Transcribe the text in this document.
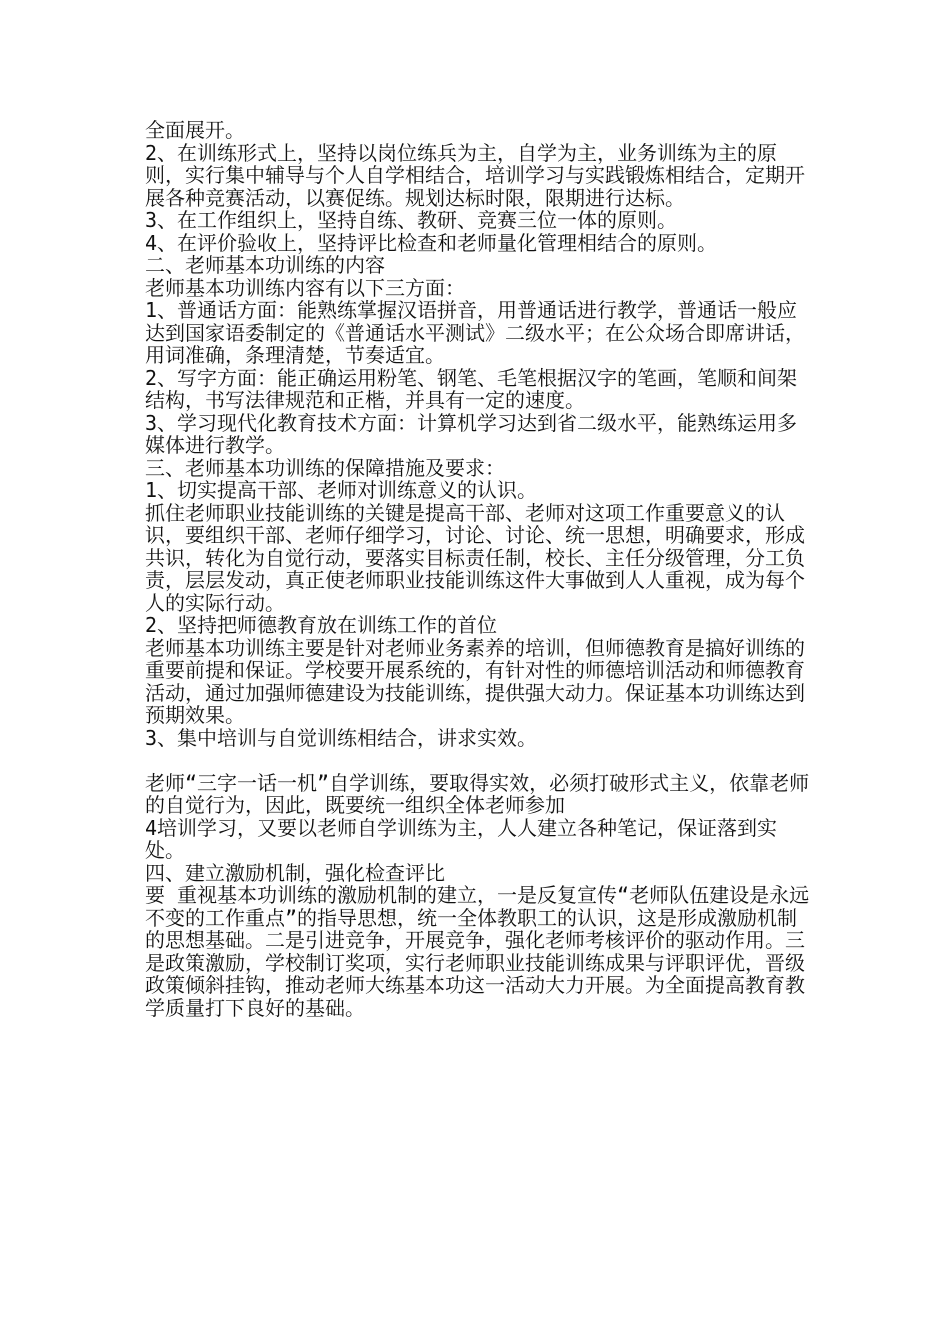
全面展开。

2、在训练形式上，坚持以岗位练兵为主，自学为主，业务训练为主的原则，实行集中辅导与个人自学相结合，培训学习与实践锻炼相结合，定期开展各种竞赛活动，以赛促练。规划达标时限，限期进行达标。

3、在工作组织上，坚持自练、教研、竞赛三位一体的原则。

4、在评价验收上，坚持评比检查和老师量化管理相结合的原则。

二、老师基本功训练的内容

老师基本功训练内容有以下三方面：

1、普通话方面：能熟练掌握汉语拼音，用普通话进行教学，普通话一般应达到国家语委制定的《普通话水平测试》二级水平；在公众场合即席讲话，用词准确，条理清楚，节奏适宜。

2、写字方面：能正确运用粉笔、钢笔、毛笔根据汉字的笔画，笔顺和间架结构，书写法律规范和正楷，并具有一定的速度。

3、学习现代化教育技术方面：计算机学习达到省二级水平，能熟练运用多媒体进行教学。

三、老师基本功训练的保障措施及要求：

1、切实提高干部、老师对训练意义的认识。

抓住老师职业技能训练的关键是提高干部、老师对这项工作重要意义的认识，要组织干部、老师仔细学习，讨论、讨论、统一思想，明确要求，形成共识，转化为自觉行动，要落实目标责任制，校长、主任分级管理，分工负责，层层发动，真正使老师职业技能训练这件大事做到人人重视，成为每个人的实际行动。

2、坚持把师德教育放在训练工作的首位

老师基本功训练主要是针对老师业务素养的培训，但师德教育是搞好训练的重要前提和保证。学校要开展系统的，有针对性的师德培训活动和师德教育活动，通过加强师德建设为技能训练，提供强大动力。保证基本功训练达到预期效果。

3、集中培训与自觉训练相结合，讲求实效。

老师“三字一话一机”自学训练，要取得实效，必须打破形式主义，依靠老师的自觉行为，因此，既要统一组织全体老师参加

4培训学习，又要以老师自学训练为主，人人建立各种笔记，保证落到实处。

四、建立激励机制，强化检查评比

要 重视基本功训练的激励机制的建立，一是反复宣传“老师队伍建设是永远不变的工作重点”的指导思想，统一全体教职工的认识，这是形成激励机制的思想基础。二是引进竞争，开展竞争，强化老师考核评价的驱动作用。三是政策激励，学校制订奖项，实行老师职业技能训练成果与评职评优，晋级政策倾斜挂钩，推动老师大练基本功这一活动大力开展。为全面提高教育教学质量打下良好的基础。
